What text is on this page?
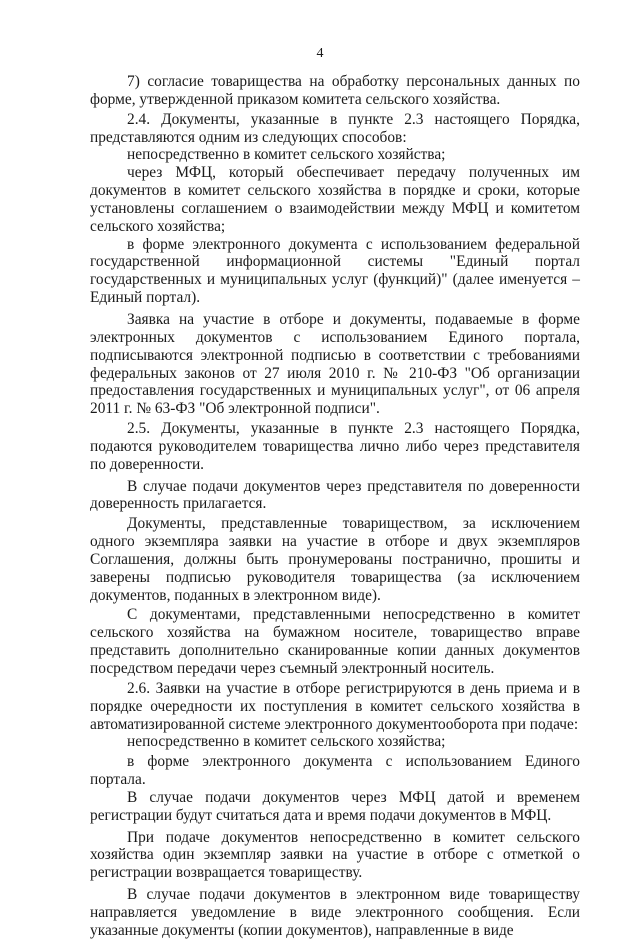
4

7) согласие товарищества на обработку персональных данных по форме, утвержденной приказом комитета сельского хозяйства.

2.4. Документы, указанные в пункте 2.3 настоящего Порядка, представляются одним из следующих способов:

непосредственно в комитет сельского хозяйства;

через МФЦ, который обеспечивает передачу полученных им документов в комитет сельского хозяйства в порядке и сроки, которые установлены соглашением о взаимодействии между МФЦ и комитетом сельского хозяйства;

в форме электронного документа с использованием федеральной государственной информационной системы "Единый портал государственных и муниципальных услуг (функций)" (далее именуется – Единый портал).

Заявка на участие в отборе и документы, подаваемые в форме электронных документов с использованием Единого портала, подписываются электронной подписью в соответствии с требованиями федеральных законов от 27 июля 2010 г. № 210-ФЗ "Об организации предоставления государственных и муниципальных услуг", от 06 апреля 2011 г. № 63-ФЗ "Об электронной подписи".

2.5. Документы, указанные в пункте 2.3 настоящего Порядка, подаются руководителем товарищества лично либо через представителя по доверенности.

В случае подачи документов через представителя по доверенности доверенность прилагается.

Документы, представленные товариществом, за исключением одного экземпляра заявки на участие в отборе и двух экземпляров Соглашения, должны быть пронумерованы постранично, прошиты и заверены подписью руководителя товарищества (за исключением документов, поданных в электронном виде).

С документами, представленными непосредственно в комитет сельского хозяйства на бумажном носителе, товарищество вправе представить дополнительно сканированные копии данных документов посредством передачи через съемный электронный носитель.

2.6. Заявки на участие в отборе регистрируются в день приема и в порядке очередности их поступления в комитет сельского хозяйства в автоматизированной системе электронного документооборота при подаче:

непосредственно в комитет сельского хозяйства;

в форме электронного документа с использованием Единого портала.

В случае подачи документов через МФЦ датой и временем регистрации будут считаться дата и время подачи документов в МФЦ.

При подаче документов непосредственно в комитет сельского хозяйства один экземпляр заявки на участие в отборе с отметкой о регистрации возвращается товариществу.

В случае подачи документов в электронном виде товариществу направляется уведомление в виде электронного сообщения. Если указанные документы (копии документов), направленные в виде
